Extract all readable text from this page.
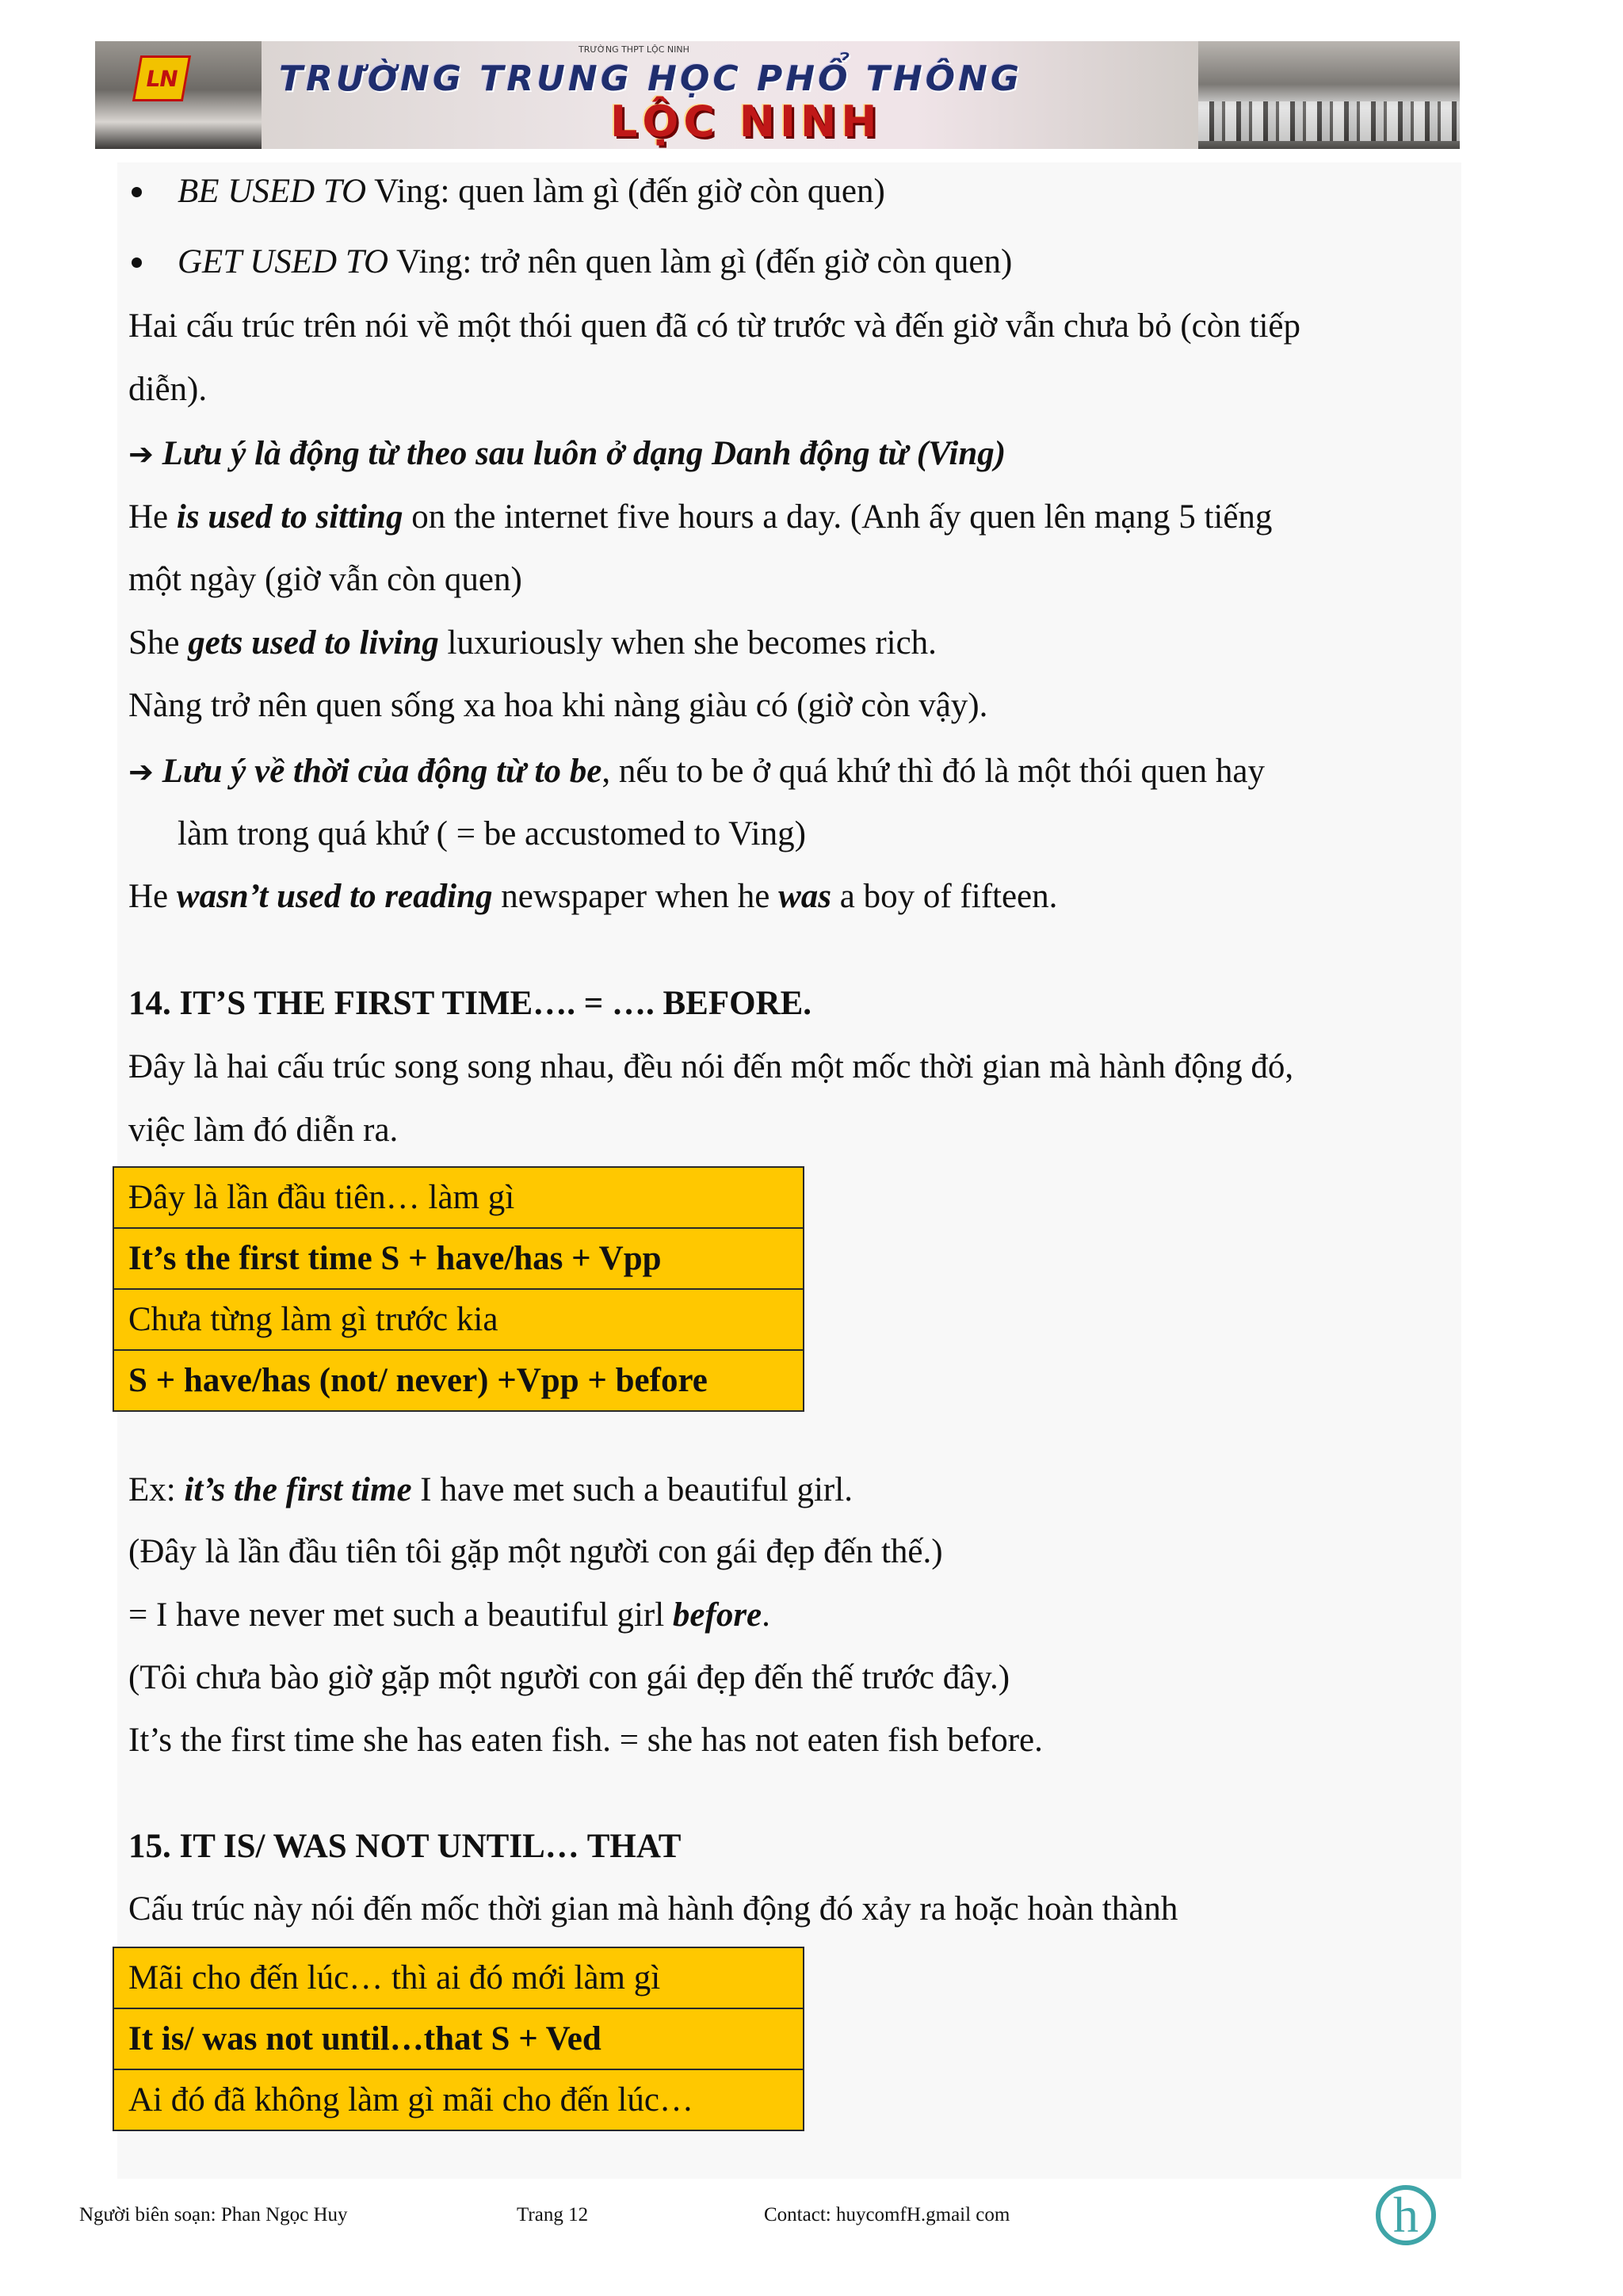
LN
TRƯỜNG THPT LỘC NINH
TRƯỜNG TRUNG HỌC PHỔ THÔNG
LỘC NINH
BE USED TO Ving: quen làm gì (đến giờ còn quen)
GET USED TO Ving: trở nên quen làm gì (đến giờ còn quen)
Hai cấu trúc trên nói về một thói quen đã có từ trước và đến giờ vẫn chưa bỏ (còn tiếp
diễn).
➔ Lưu ý là động từ theo sau luôn ở dạng Danh động từ (Ving)
He is used to sitting on the internet five hours a day. (Anh ấy quen lên mạng 5 tiếng
một ngày (giờ vẫn còn quen)
She gets used to living luxuriously when she becomes rich.
Nàng trở nên quen sống xa hoa khi nàng giàu có (giờ còn vậy).
➔ Lưu ý về thời của động từ to be, nếu to be ở quá khứ thì đó là một thói quen hay
làm trong quá khứ ( = be accustomed to Ving)
He wasn’t used to reading newspaper when he was a boy of fifteen.
14. IT’S THE FIRST TIME…. = …. BEFORE.
Đây là hai cấu trúc song song nhau, đều nói đến một mốc thời gian mà hành động đó,
việc làm đó diễn ra.
Đây là lần đầu tiên… làm gì
It’s the first time S + have/has + Vpp
Chưa từng làm gì trước kia
S + have/has (not/ never) +Vpp + before
Ex: it’s the first time I have met such a beautiful girl.
(Đây là lần đầu tiên tôi gặp một người con gái đẹp đến thế.)
= I have never met such a beautiful girl before.
(Tôi chưa bào giờ gặp một người con gái đẹp đến thế trước đây.)
It’s the first time she has eaten fish. = she has not eaten fish before.
15. IT IS/ WAS NOT UNTIL… THAT
Cấu trúc này nói đến mốc thời gian mà hành động đó xảy ra hoặc hoàn thành
Mãi cho đến lúc… thì ai đó mới làm gì
It is/ was not until…that S + Ved
Ai đó đã không làm gì mãi cho đến lúc…
Người biên soạn: Phan Ngọc Huy	Trang 12	Contact: huycomfH.gmail com	h
